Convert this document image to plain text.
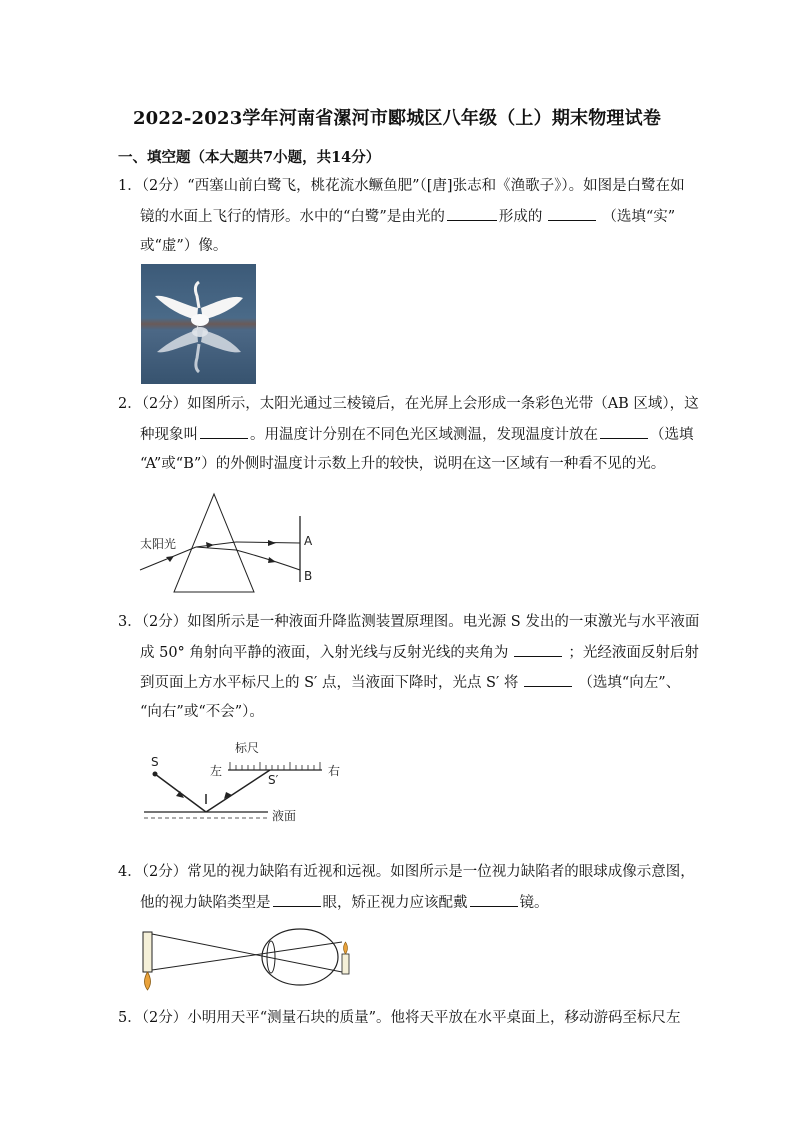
2022-2023学年河南省漯河市郾城区八年级（上）期末物理试卷
一、填空题（本大题共7小题，共14分）
1．（2分）“西塞山前白鹭飞，桃花流水鳜鱼肥”（[唐]张志和《渔歌子》）。如图是白鹭在如
镜的水面上飞行的情形。水中的“白鹭”是由光的	形成的	（选填“实”
或“虚”）像。
2．（2分）如图所示，太阳光通过三棱镜后，在光屏上会形成一条彩色光带（AB 区域），这
种现象叫	。用温度计分别在不同色光区域测温，发现温度计放在	（选填
“A”或“B”）的外侧时温度计示数上升的较快，说明在这一区域有一种看不见的光。
太阳光	A
B
3．（2分）如图所示是一种液面升降监测装置原理图。电光源 S 发出的一束激光与水平液面
成 50° 角射向平静的液面，入射光线与反射光线的夹角为	；光经液面反射后射
到页面上方水平标尺上的 S′ 点，当液面下降时，光点 S′ 将	（选填“向左”、
“向右”或“不会”）。
标尺
左	右
S
S′
液面
4．（2分）常见的视力缺陷有近视和远视。如图所示是一位视力缺陷者的眼球成像示意图，
他的视力缺陷类型是	眼，矫正视力应该配戴	镜。
5．（2分）小明用天平“测量石块的质量”。他将天平放在水平桌面上，移动游码至标尺左
